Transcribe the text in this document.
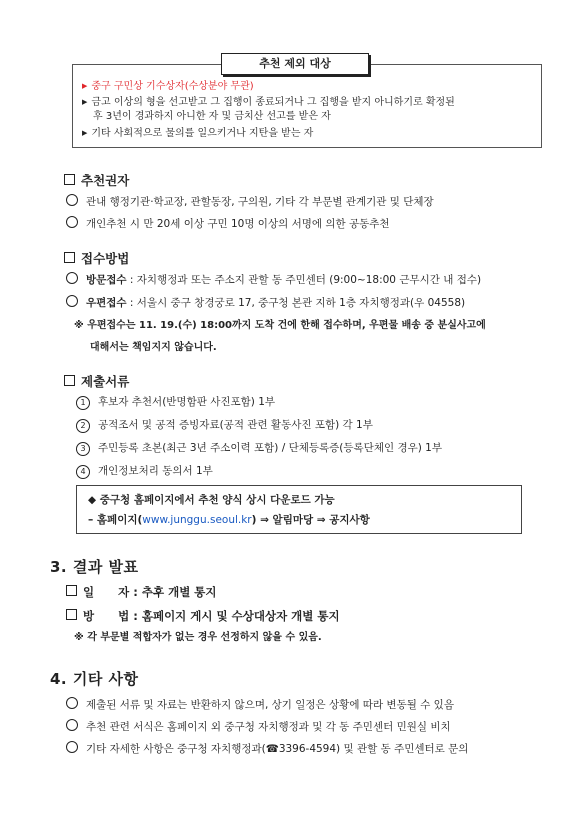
추천 제외 대상
▶ 중구 구민상 기수상자(수상분야 무관)
▶ 금고 이상의 형을 선고받고 그 집행이 종료되거나 그 집행을 받지 아니하기로 확정된
후 3년이 경과하지 아니한 자 및 금치산 선고를 받은 자
▶ 기타 사회적으로 물의를 일으키거나 지탄을 받는 자
추천권자
관내 행정기관·학교장, 관할동장, 구의원, 기타 각 부문별 관계기관 및 단체장
개인추천 시 만 20세 이상 구민 10명 이상의 서명에 의한 공동추천
접수방법
방문접수 : 자치행정과 또는 주소지 관할 동 주민센터 (9:00~18:00 근무시간 내 접수)
우편접수 : 서울시 중구 창경궁로 17, 중구청 본관 지하 1층 자치행정과(우 04558)
※ 우편접수는 11. 19.(수) 18:00까지 도착 건에 한해 접수하며, 우편물 배송 중 분실사고에
대해서는 책임지지 않습니다.
제출서류
1 후보자 추천서(반명함판 사진포함) 1부
2 공적조서 및 공적 증빙자료(공적 관련 활동사진 포함) 각 1부
3 주민등록 초본(최근 3년 주소이력 포함) / 단체등록증(등록단체인 경우) 1부
4 개인정보처리 동의서 1부
◆ 중구청 홈페이지에서 추천 양식 상시 다운로드 가능
– 홈페이지(www.junggu.seoul.kr) ⇒ 알림마당 ⇒ 공지사항
3. 결과 발표
일      자 : 추후 개별 통지
방      법 : 홈페이지 게시 및 수상대상자 개별 통지
※ 각 부문별 적합자가 없는 경우 선정하지 않을 수 있음.
4. 기타 사항
제출된 서류 및 자료는 반환하지 않으며, 상기 일정은 상황에 따라 변동될 수 있음
추천 관련 서식은 홈페이지 외 중구청 자치행정과 및 각 동 주민센터 민원실 비치
기타 자세한 사항은 중구청 자치행정과(☎3396-4594) 및 관할 동 주민센터로 문의
